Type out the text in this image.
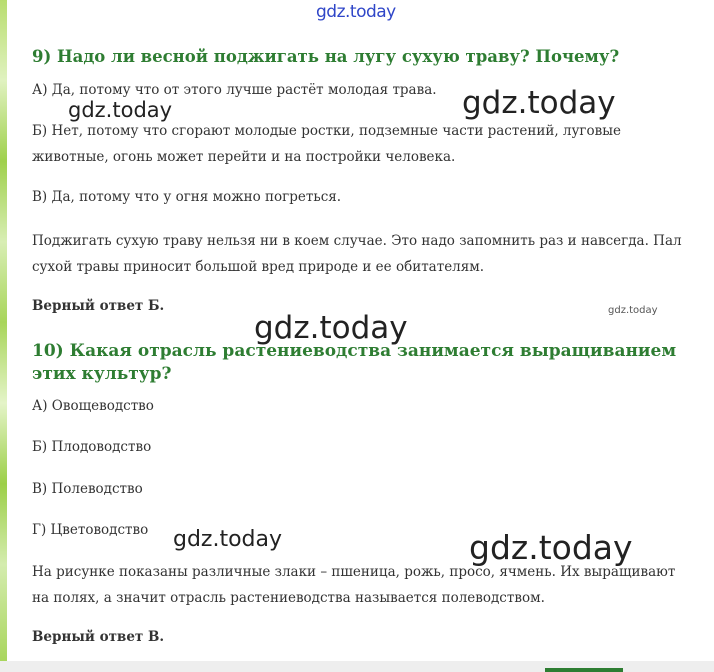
gdz.today
9) Надо ли весной поджигать на лугу сухую траву? Почему?

А) Да, потому что от этого лучше растёт молодая трава.

Б) Нет, потому что сгорают молодые ростки, подземные части растений, луговые животные, огонь может перейти и на постройки человека.

В) Да, потому что у огня можно погреться.

Поджигать сухую траву нельзя ни в коем случае. Это надо запомнить раз и навсегда. Пал сухой травы приносит большой вред природе и ее обитателям.

Верный ответ Б.

10) Какая отрасль растениеводства занимается выращиванием этих культур?

А) Овощеводство

Б) Плодоводство

В) Полеводство

Г) Цветоводство

На рисунке показаны различные злаки – пшеница, рожь, просо, ячмень. Их выращивают на полях, а значит отрасль растениеводства называется полеводством.

Верный ответ В.

gdz.today	gdz.today
gdz.today	gdz.today
gdz.today	gdz.today
